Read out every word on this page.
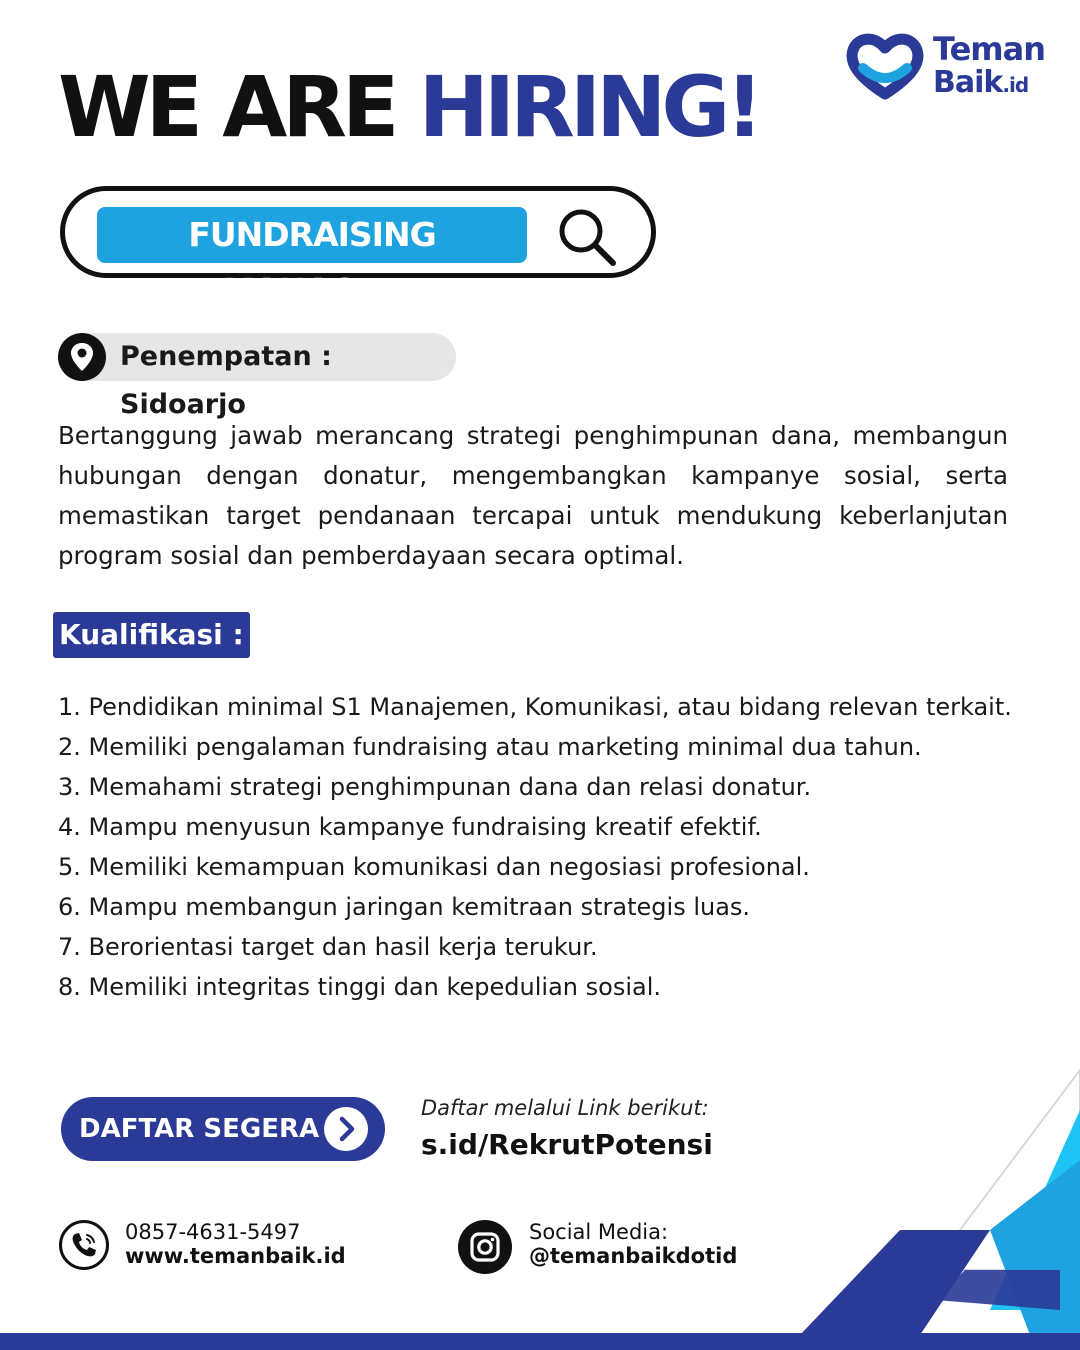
Teman
Baik.id
WE ARE HIRING!
FUNDRAISING MANAGER
Penempatan : Sidoarjo

Bertanggung jawab merancang strategi penghimpunan dana, membangun hubungan dengan donatur, mengembangkan kampanye sosial, serta memastikan target pendanaan tercapai untuk mendukung keberlanjutan program sosial dan pemberdayaan secara optimal.

Kualifikasi :
1. Pendidikan minimal S1 Manajemen, Komunikasi, atau bidang relevan terkait.
2. Memiliki pengalaman fundraising atau marketing minimal dua tahun.
3. Memahami strategi penghimpunan dana dan relasi donatur.
4. Mampu menyusun kampanye fundraising kreatif efektif.
5. Memiliki kemampuan komunikasi dan negosiasi profesional.
6. Mampu membangun jaringan kemitraan strategis luas.
7. Berorientasi target dan hasil kerja terukur.
8. Memiliki integritas tinggi dan kepedulian sosial.
DAFTAR SEGERA
Daftar melalui Link berikut:
s.id/RekrutPotensi
0857-4631-5497
www.temanbaik.id
Social Media:
@temanbaikdotid
